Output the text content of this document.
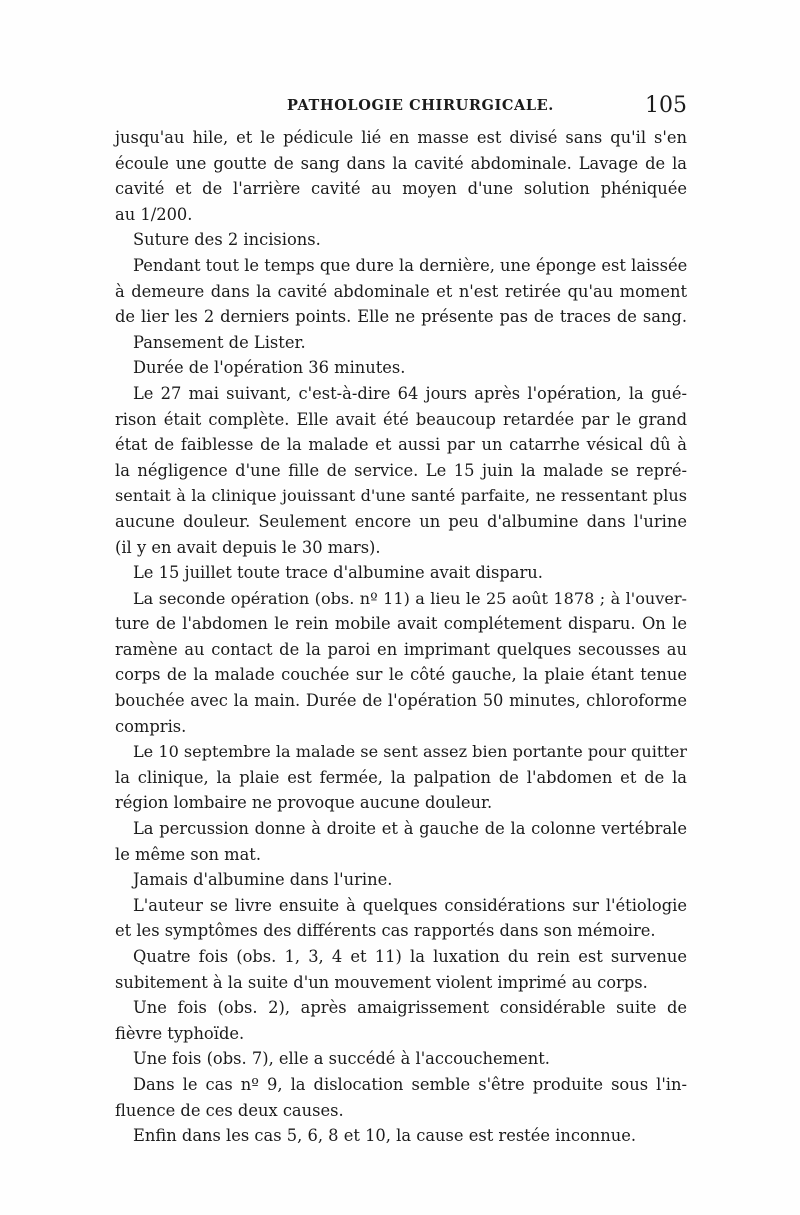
PATHOLOGIE CHIRURGICALE.	105
jusqu'au hile, et le pédicule lié en masse est divisé sans qu'il s'en
écoule une goutte de sang dans la cavité abdominale. Lavage de la
cavité et de l'arrière cavité au moyen d'une solution phéniquée
au 1/200.
Suture des 2 incisions.
Pendant tout le temps que dure la dernière, une éponge est laissée
à demeure dans la cavité abdominale et n'est retirée qu'au moment
de lier les 2 derniers points. Elle ne présente pas de traces de sang.
Pansement de Lister.
Durée de l'opération 36 minutes.
Le 27 mai suivant, c'est-à-dire 64 jours après l'opération, la gué-
rison était complète. Elle avait été beaucoup retardée par le grand
état de faiblesse de la malade et aussi par un catarrhe vésical dû à
la négligence d'une fille de service. Le 15 juin la malade se repré-
sentait à la clinique jouissant d'une santé parfaite, ne ressentant plus
aucune douleur. Seulement encore un peu d'albumine dans l'urine
(il y en avait depuis le 30 mars).
Le 15 juillet toute trace d'albumine avait disparu.
La seconde opération (obs. nº 11) a lieu le 25 août 1878 ; à l'ouver-
ture de l'abdomen le rein mobile avait complétement disparu. On le
ramène au contact de la paroi en imprimant quelques secousses au
corps de la malade couchée sur le côté gauche, la plaie étant tenue
bouchée avec la main. Durée de l'opération 50 minutes, chloroforme
compris.
Le 10 septembre la malade se sent assez bien portante pour quitter
la clinique, la plaie est fermée, la palpation de l'abdomen et de la
région lombaire ne provoque aucune douleur.
La percussion donne à droite et à gauche de la colonne vertébrale
le même son mat.
Jamais d'albumine dans l'urine.
L'auteur se livre ensuite à quelques considérations sur l'étiologie
et les symptômes des différents cas rapportés dans son mémoire.
Quatre fois (obs. 1, 3, 4 et 11) la luxation du rein est survenue
subitement à la suite d'un mouvement violent imprimé au corps.
Une fois (obs. 2), après amaigrissement considérable suite de
fièvre typhoïde.
Une fois (obs. 7), elle a succédé à l'accouchement.
Dans le cas nº 9, la dislocation semble s'être produite sous l'in-
fluence de ces deux causes.
Enfin dans les cas 5, 6, 8 et 10, la cause est restée inconnue.
